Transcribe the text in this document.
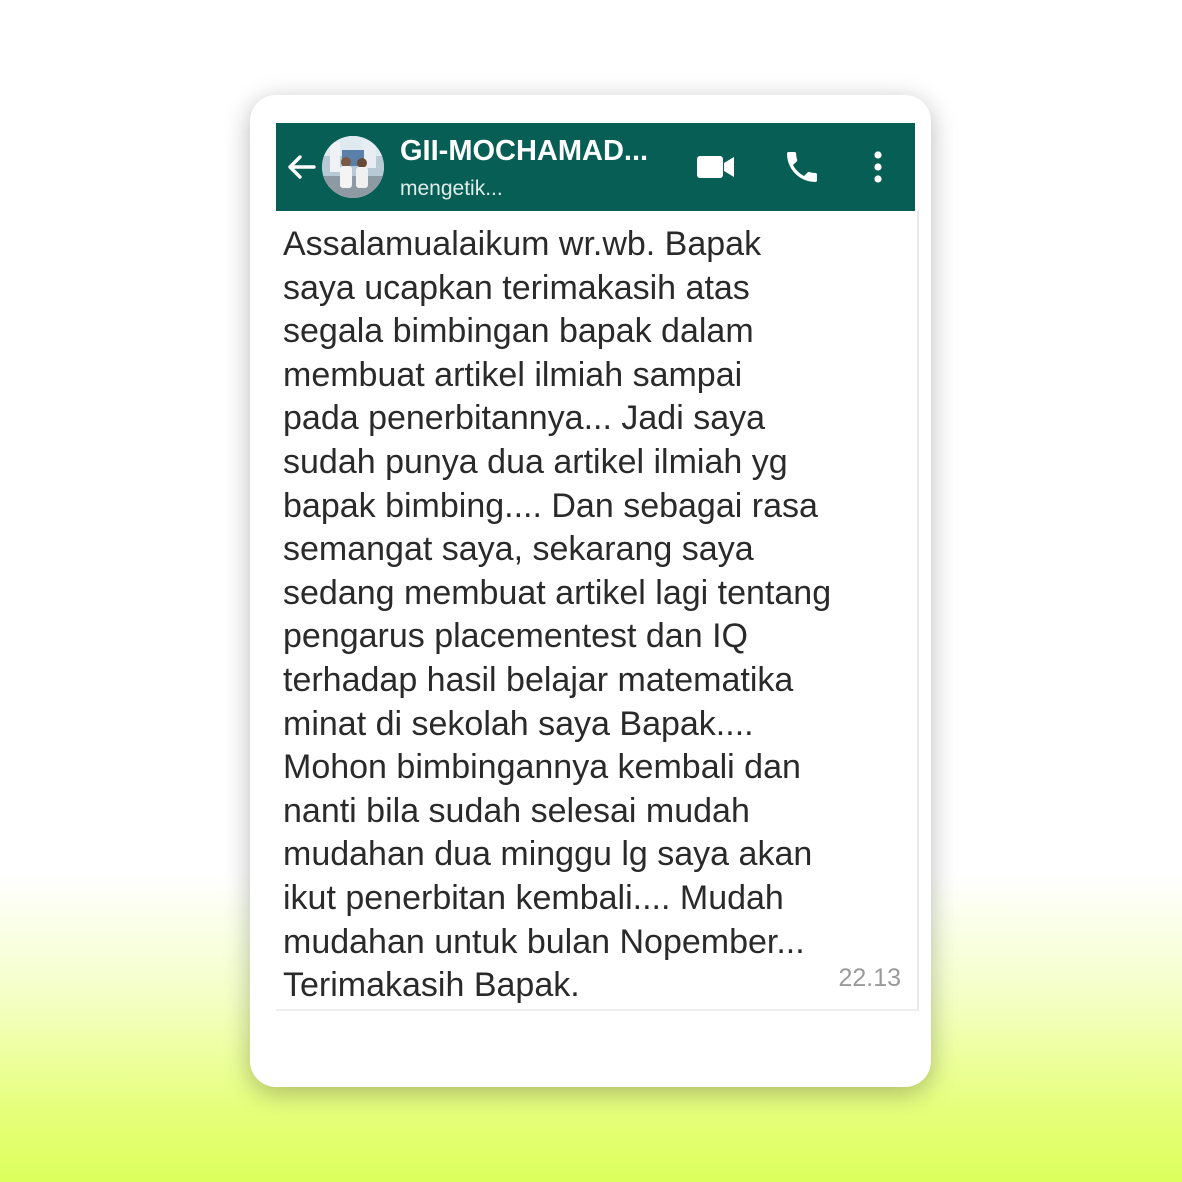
GII-MOCHAMAD...
mengetik...

Assalamualaikum wr.wb. Bapak
saya ucapkan terimakasih atas
segala bimbingan bapak dalam
membuat artikel ilmiah sampai
pada penerbitannya... Jadi saya
sudah punya dua artikel ilmiah yg
bapak bimbing.... Dan sebagai rasa
semangat saya, sekarang saya
sedang membuat artikel lagi tentang
pengarus placementest dan IQ
terhadap hasil belajar matematika
minat di sekolah saya Bapak....
Mohon bimbingannya kembali dan
nanti bila sudah selesai mudah
mudahan dua minggu lg saya akan
ikut penerbitan kembali.... Mudah
mudahan untuk bulan Nopember...
Terimakasih Bapak.	22.13
